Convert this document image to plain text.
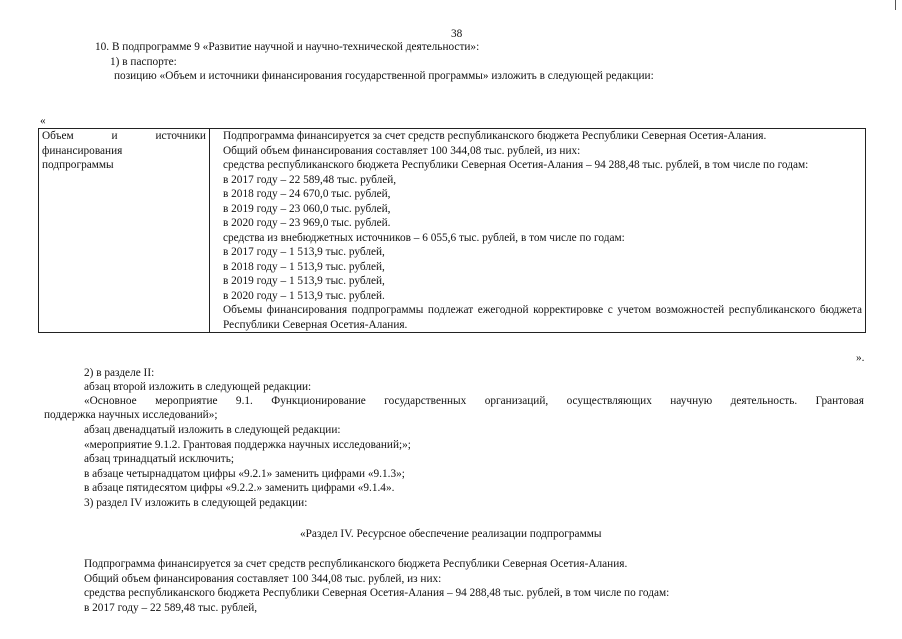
38
10. В подпрограмме 9 «Развитие научной и научно-технической деятельности»:
1) в паспорте:
позицию «Объем и источники финансирования государственной программы» изложить в следующей редакции:
«
Объем	и	источники
финансирования
подпрограммы

Подпрограмма финансируется за счет средств республиканского бюджета Республики Северная Осетия-Алания.
Общий объем финансирования составляет 100 344,08 тыс. рублей, из них:
средства республиканского бюджета Республики Северная Осетия-Алания – 94 288,48 тыс. рублей, в том числе по годам:
в 2017 году – 22 589,48 тыс. рублей,
в 2018 году – 24 670,0 тыс. рублей,
в 2019 году – 23 060,0 тыс. рублей,
в 2020 году – 23 969,0 тыс. рублей.
средства из внебюджетных источников – 6 055,6 тыс. рублей, в том числе по годам:
в 2017 году – 1 513,9 тыс. рублей,
в 2018 году – 1 513,9 тыс. рублей,
в 2019 году – 1 513,9 тыс. рублей,
в 2020 году – 1 513,9 тыс. рублей.
Объемы финансирования подпрограммы подлежат ежегодной корректировке с учетом возможностей республиканского бюджета Республики Северная Осетия-Алания.
».
2) в разделе II:
абзац второй изложить в следующей редакции:
«Основное мероприятие 9.1. Функционирование государственных организаций, осуществляющих научную деятельность. Грантовая
поддержка научных исследований»;
абзац двенадцатый изложить в следующей редакции:
«мероприятие 9.1.2. Грантовая поддержка научных исследований;»;
абзац тринадцатый исключить;
в абзаце четырнадцатом цифры «9.2.1» заменить цифрами «9.1.3»;
в абзаце пятидесятом цифры «9.2.2.» заменить цифрами «9.1.4».
3) раздел IV изложить в следующей редакции:
«Раздел IV. Ресурсное обеспечение реализации подпрограммы
Подпрограмма финансируется за счет средств республиканского бюджета Республики Северная Осетия-Алания.
Общий объем финансирования составляет 100 344,08 тыс. рублей, из них:
средства республиканского бюджета Республики Северная Осетия-Алания – 94 288,48 тыс. рублей, в том числе по годам:
в 2017 году – 22 589,48 тыс. рублей,
